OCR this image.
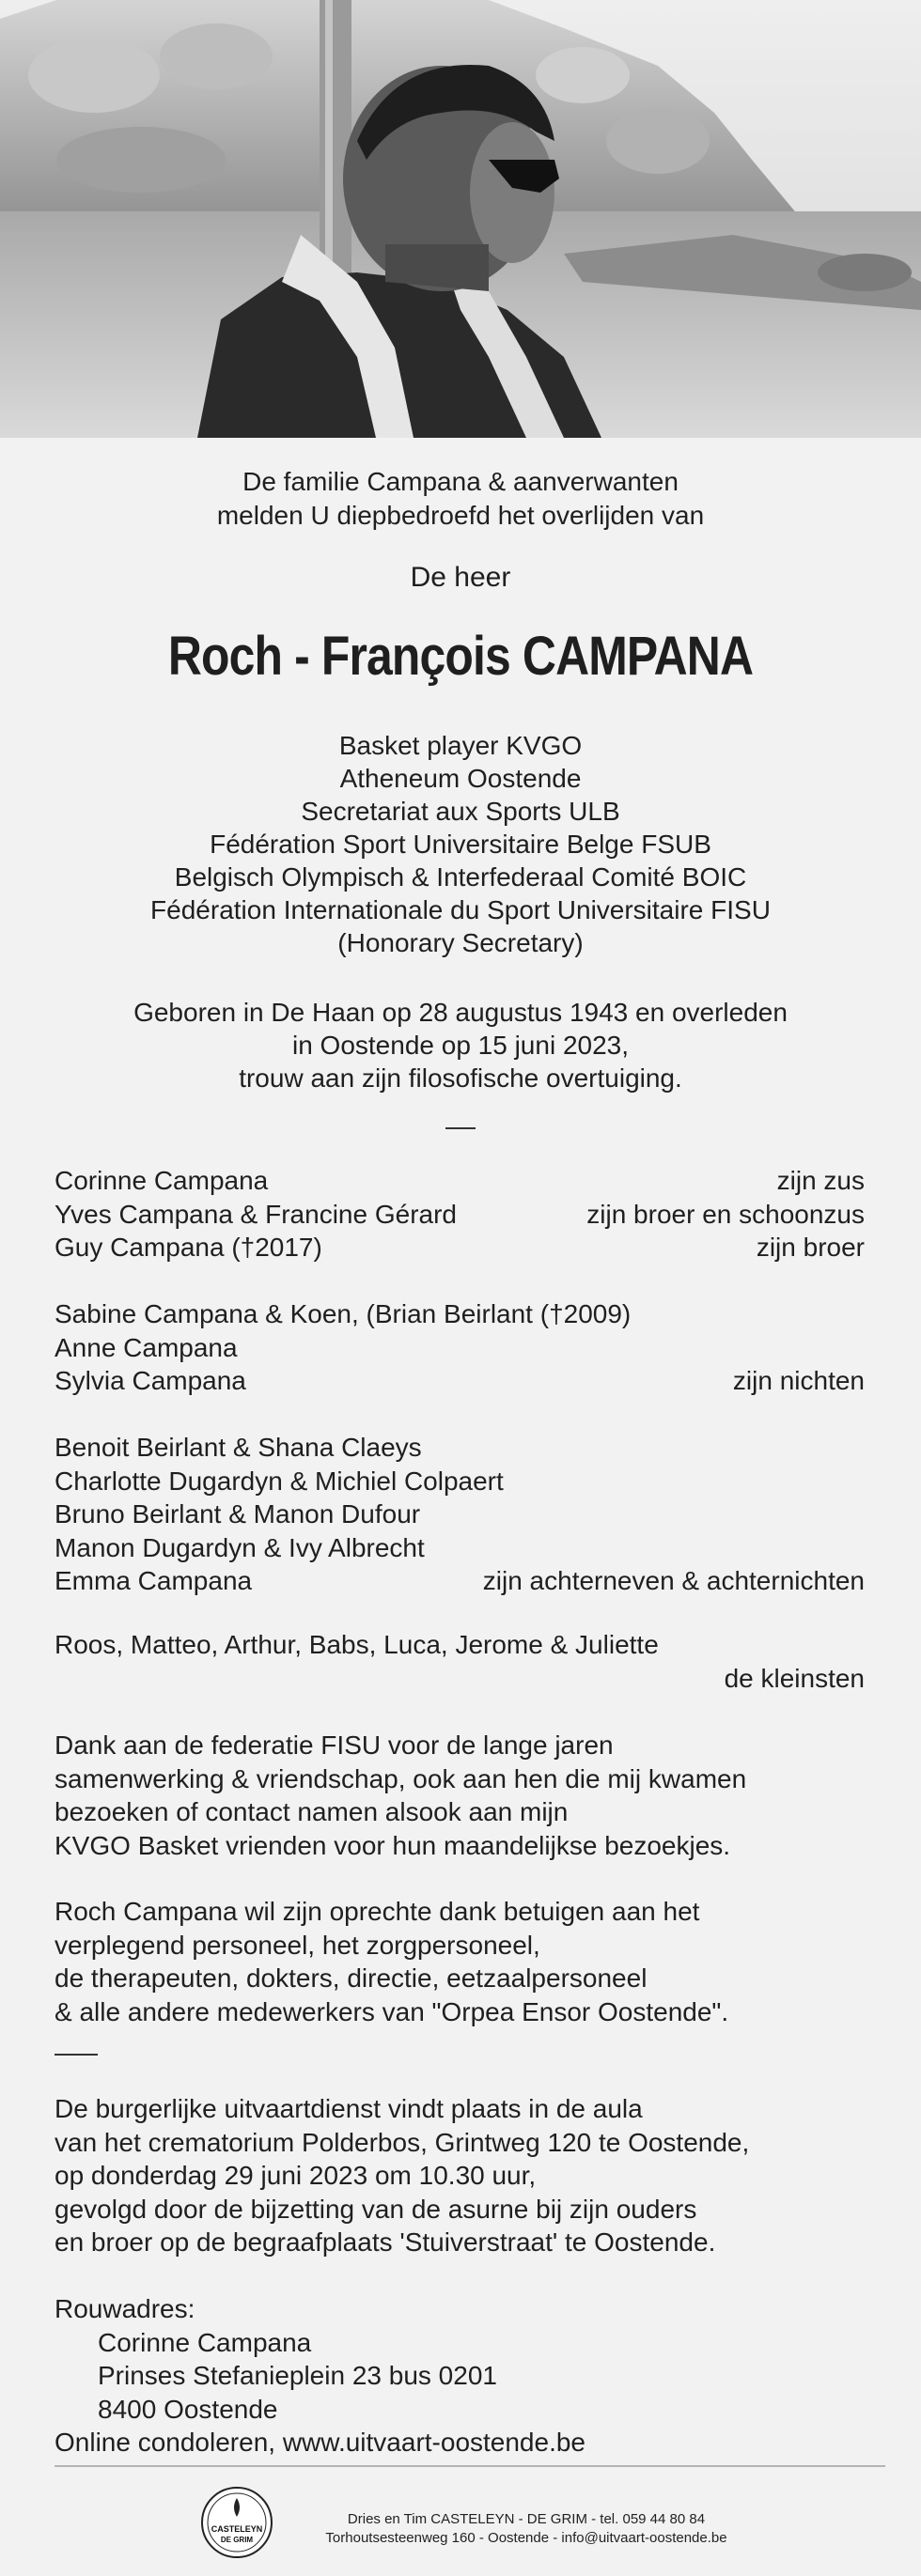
De familie Campana & aanverwanten
melden U diepbedroefd het overlijden van
De heer
Roch - François CAMPANA
Basket player KVGO
Atheneum Oostende
Secretariat aux Sports ULB
Fédération Sport Universitaire Belge FSUB
Belgisch Olympisch & Interfederaal Comité BOIC
Fédération Internationale du Sport Universitaire FISU
(Honorary Secretary)
Geboren in De Haan op 28 augustus 1943 en overleden
in Oostende op 15 juni 2023,
trouw aan zijn filosofische overtuiging.
Corinne Campana	zijn zus
Yves Campana & Francine Gérard	zijn broer en schoonzus
Guy Campana (†2017)	zijn broer
Sabine Campana & Koen, (Brian Beirlant (†2009)
Anne Campana
Sylvia Campana	zijn nichten
Benoit Beirlant & Shana Claeys
Charlotte Dugardyn & Michiel Colpaert
Bruno Beirlant & Manon Dufour
Manon Dugardyn & Ivy Albrecht
Emma Campana	zijn achterneven & achternichten
Roos, Matteo, Arthur, Babs, Luca, Jerome & Juliette
de kleinsten
Dank aan de federatie FISU voor de lange jaren
samenwerking & vriendschap, ook aan hen die mij kwamen
bezoeken of contact namen alsook aan mijn
KVGO Basket vrienden voor hun maandelijkse bezoekjes.
Roch Campana wil zijn oprechte dank betuigen aan het
verplegend personeel, het zorgpersoneel,
de therapeuten, dokters, directie, eetzaalpersoneel
& alle andere medewerkers van "Orpea Ensor Oostende".
De burgerlijke uitvaartdienst vindt plaats in de aula
van het crematorium Polderbos, Grintweg 120 te Oostende,
op donderdag 29 juni 2023 om 10.30 uur,
gevolgd door de bijzetting van de asurne bij zijn ouders
en broer op de begraafplaats 'Stuiverstraat' te Oostende.
Rouwadres:
Corinne Campana
Prinses Stefanieplein 23 bus 0201
8400 Oostende
Online condoleren, www.uitvaart-oostende.be
CASTELEYN
DE GRIM
Dries en Tim CASTELEYN - DE GRIM - tel. 059 44 80 84
Torhoutsesteenweg 160 - Oostende - info@uitvaart-oostende.be
